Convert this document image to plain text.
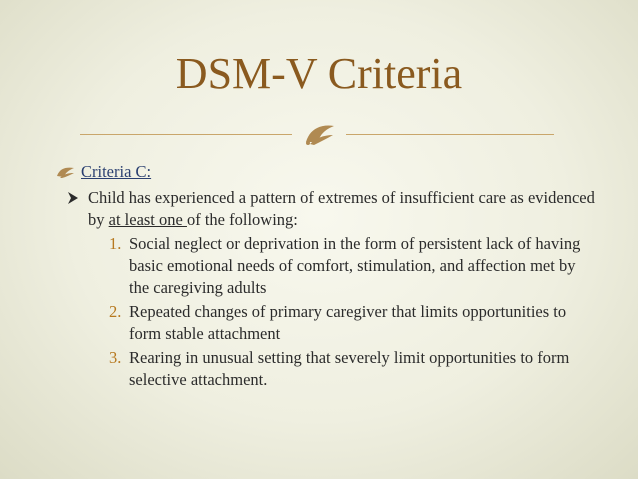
DSM-V Criteria
Criteria C:
Child has experienced a pattern of extremes of insufficient care as evidenced by at least one of the following:
1. Social neglect or deprivation in the form of persistent lack of having basic emotional needs of comfort, stimulation, and affection met by the caregiving adults
2. Repeated changes of primary caregiver that limits opportunities to form stable attachment
3. Rearing in unusual setting that severely limit opportunities to form selective attachment.
